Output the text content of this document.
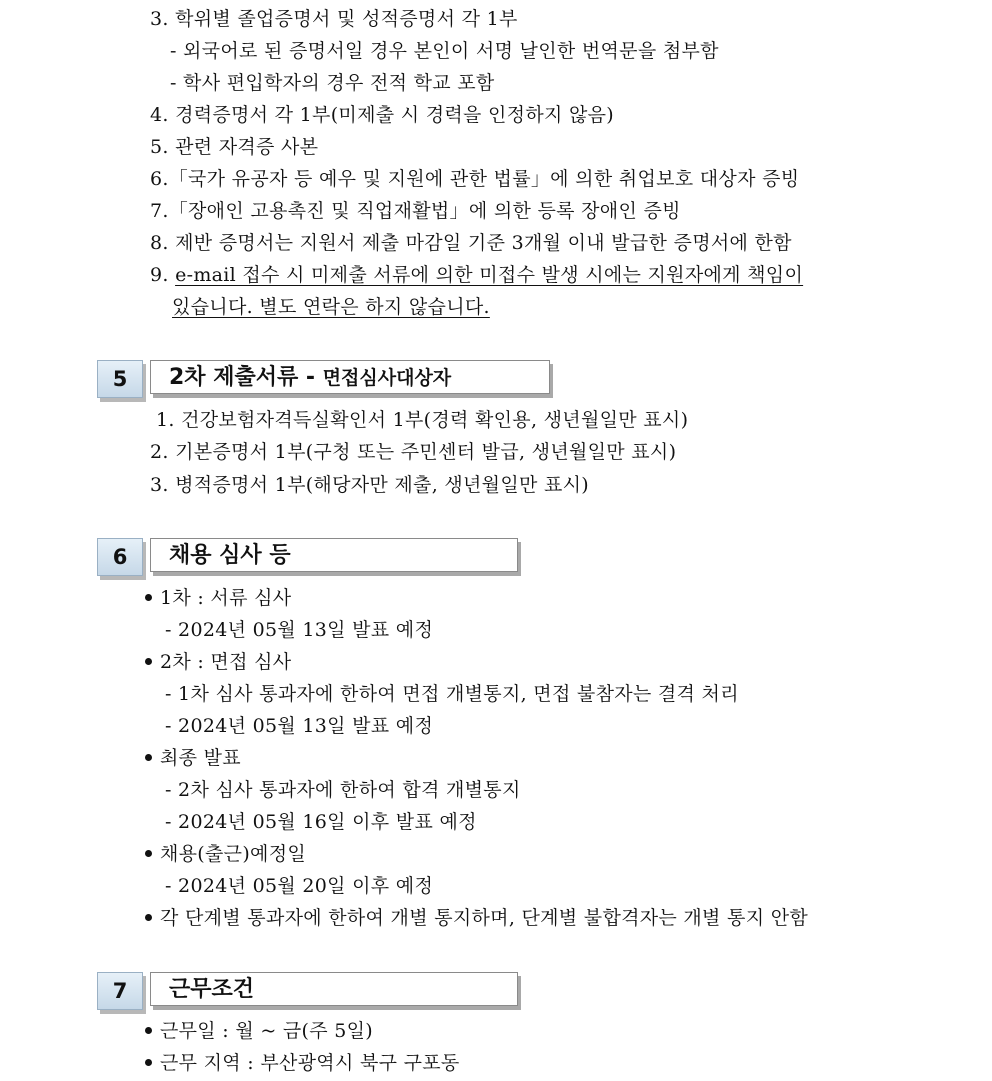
3. 학위별 졸업증명서 및 성적증명서 각 1부
- 외국어로 된 증명서일 경우 본인이 서명 날인한 번역문을 첨부함
- 학사 편입학자의 경우 전적 학교 포함
4. 경력증명서 각 1부(미제출 시 경력을 인정하지 않음)
5. 관련 자격증 사본
6.「국가 유공자 등 예우 및 지원에 관한 법률」에 의한 취업보호 대상자 증빙
7.「장애인 고용촉진 및 직업재활법」에 의한 등록 장애인 증빙
8. 제반 증명서는 지원서 제출 마감일 기준 3개월 이내 발급한 증명서에 한함
9. e-mail 접수 시 미제출 서류에 의한 미접수 발생 시에는 지원자에게 책임이
있습니다. 별도 연락은 하지 않습니다.
5	2차 제출서류 - 면접심사대상자
1. 건강보험자격득실확인서 1부(경력 확인용, 생년월일만 표시)
2. 기본증명서 1부(구청 또는 주민센터 발급, 생년월일만 표시)
3. 병적증명서 1부(해당자만 제출, 생년월일만 표시)
6	채용 심사 등
1차 : 서류 심사
- 2024년 05월 13일 발표 예정
2차 : 면접 심사
- 1차 심사 통과자에 한하여 면접 개별통지, 면접 불참자는 결격 처리
- 2024년 05월 13일 발표 예정
최종 발표
- 2차 심사 통과자에 한하여 합격 개별통지
- 2024년 05월 16일 이후 발표 예정
채용(출근)예정일
- 2024년 05월 20일 이후 예정
각 단계별 통과자에 한하여 개별 통지하며, 단계별 불합격자는 개별 통지 안함
7	근무조건
근무일 : 월 ~ 금(주 5일)
근무 지역 : 부산광역시 북구 구포동
